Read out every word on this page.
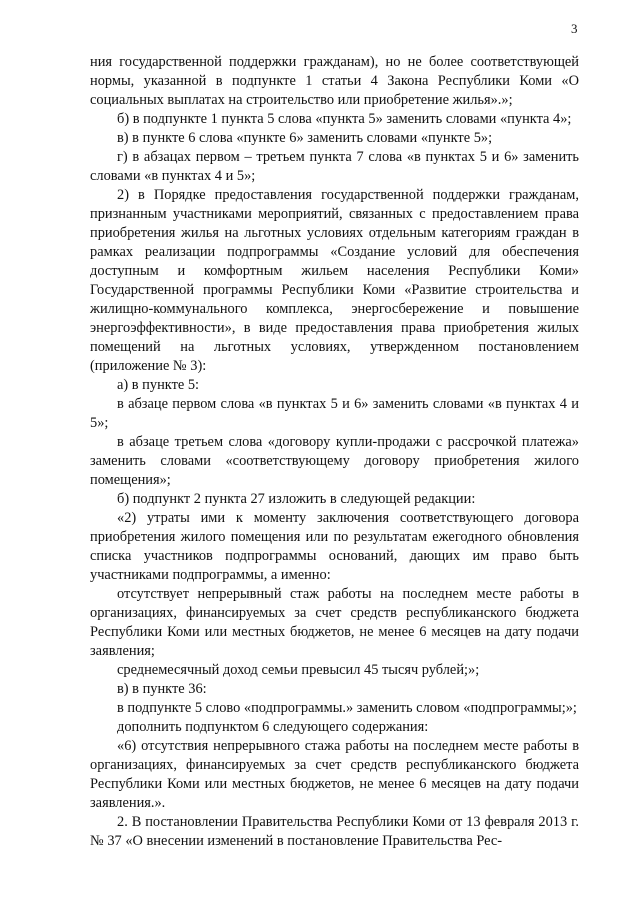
3

ния государственной поддержки гражданам), но не более соответствующей нормы, указанной в подпункте 1 статьи 4 Закона Республики Коми «О социальных выплатах на строительство или приобретение жилья».»;

б) в подпункте 1 пункта 5 слова «пункта 5» заменить словами «пункта 4»;

в) в пункте 6 слова «пункте 6» заменить словами «пункте 5»;

г) в абзацах первом – третьем пункта 7 слова «в пунктах 5 и 6» заменить словами «в пунктах 4 и 5»;

2) в Порядке предоставления государственной поддержки гражданам, признанным участниками мероприятий, связанных с предоставлением права приобретения жилья на льготных условиях отдельным категориям граждан в рамках реализации подпрограммы «Создание условий для обеспечения доступным и комфортным жильем населения Республики Коми» Государственной программы Республики Коми «Развитие строительства и жилищно-коммунального комплекса, энергосбережение и повышение энергоэффективности», в виде предоставления права приобретения жилых помещений на льготных условиях, утвержденном постановлением (приложение № 3):

а) в пункте 5:

в абзаце первом слова «в пунктах 5 и 6» заменить словами «в пунктах 4 и 5»;

в абзаце третьем слова «договору купли-продажи с рассрочкой платежа» заменить словами «соответствующему договору приобретения жилого помещения»;

б) подпункт 2 пункта 27 изложить в следующей редакции:

«2) утраты ими к моменту заключения соответствующего договора приобретения жилого помещения или по результатам ежегодного обновления списка участников подпрограммы оснований, дающих им право быть участниками подпрограммы, а именно:

отсутствует непрерывный стаж работы на последнем месте работы в организациях, финансируемых за счет средств республиканского бюджета Республики Коми или местных бюджетов, не менее 6 месяцев на дату подачи заявления;

среднемесячный доход семьи превысил 45 тысяч рублей;»;

в) в пункте 36:

в подпункте 5 слово «подпрограммы.» заменить словом «подпрограммы;»;

дополнить подпунктом 6 следующего содержания:

«6) отсутствия непрерывного стажа работы на последнем месте работы в организациях, финансируемых за счет средств республиканского бюджета Республики Коми или местных бюджетов, не менее 6 месяцев на дату подачи заявления.».

2. В постановлении Правительства Республики Коми от 13 февраля 2013 г. № 37 «О внесении изменений в постановление Правительства Рес-
